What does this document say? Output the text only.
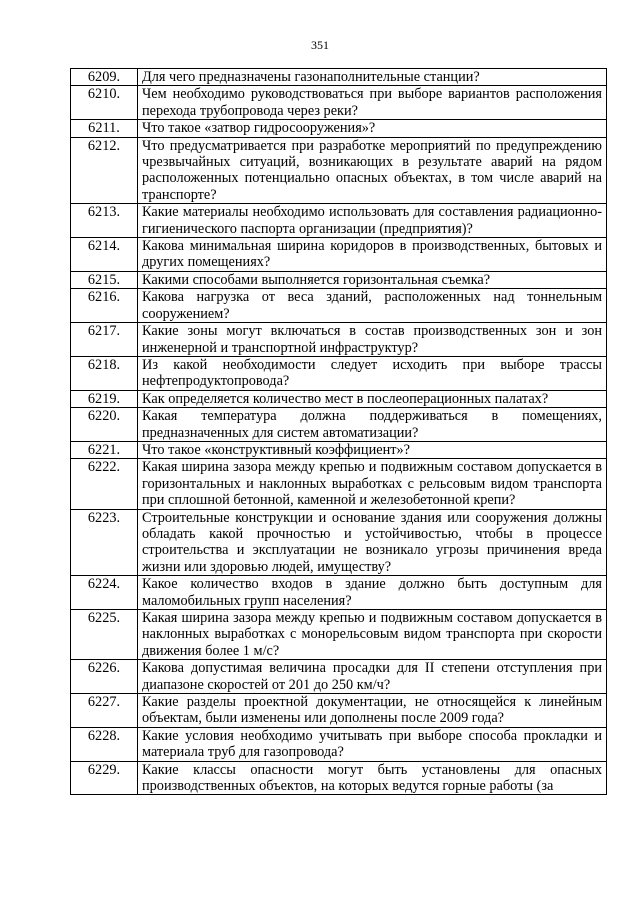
351
6209.	Для чего предназначены газонаполнительные станции?
6210.	Чем необходимо руководствоваться при выборе вариантов расположения перехода трубопровода через реки?
6211.	Что такое «затвор гидросооружения»?
6212.	Что предусматривается при разработке мероприятий по предупреждению чрезвычайных ситуаций, возникающих в результате аварий на рядом расположенных потенциально опасных объектах, в том числе аварий на транспорте?
6213.	Какие материалы необходимо использовать для составления радиационно-гигиенического паспорта организации (предприятия)?
6214.	Какова минимальная ширина коридоров в производственных, бытовых и других помещениях?
6215.	Какими способами выполняется горизонтальная съемка?
6216.	Какова нагрузка от веса зданий, расположенных над тоннельным сооружением?
6217.	Какие зоны могут включаться в состав производственных зон и зон инженерной и транспортной инфраструктур?
6218.	Из какой необходимости следует исходить при выборе трассы нефтепродуктопровода?
6219.	Как определяется количество мест в послеоперационных палатах?
6220.	Какая температура должна поддерживаться в помещениях, предназначенных для систем автоматизации?
6221.	Что такое «конструктивный коэффициент»?
6222.	Какая ширина зазора между крепью и подвижным составом допускается в горизонтальных и наклонных выработках с рельсовым видом транспорта при сплошной бетонной, каменной и железобетонной крепи?
6223.	Строительные конструкции и основание здания или сооружения должны обладать какой прочностью и устойчивостью, чтобы в процессе строительства и эксплуатации не возникало угрозы причинения вреда жизни или здоровью людей, имуществу?
6224.	Какое количество входов в здание должно быть доступным для маломобильных групп населения?
6225.	Какая ширина зазора между крепью и подвижным составом допускается в наклонных выработках с монорельсовым видом транспорта при скорости движения более 1 м/с?
6226.	Какова допустимая величина просадки для II степени отступления при диапазоне скоростей от 201 до 250 км/ч?
6227.	Какие разделы проектной документации, не относящейся к линейным объектам, были изменены или дополнены после 2009 года?
6228.	Какие условия необходимо учитывать при выборе способа прокладки и материала труб для газопровода?
6229.	Какие классы опасности могут быть установлены для опасных производственных объектов, на которых ведутся горные работы (за
